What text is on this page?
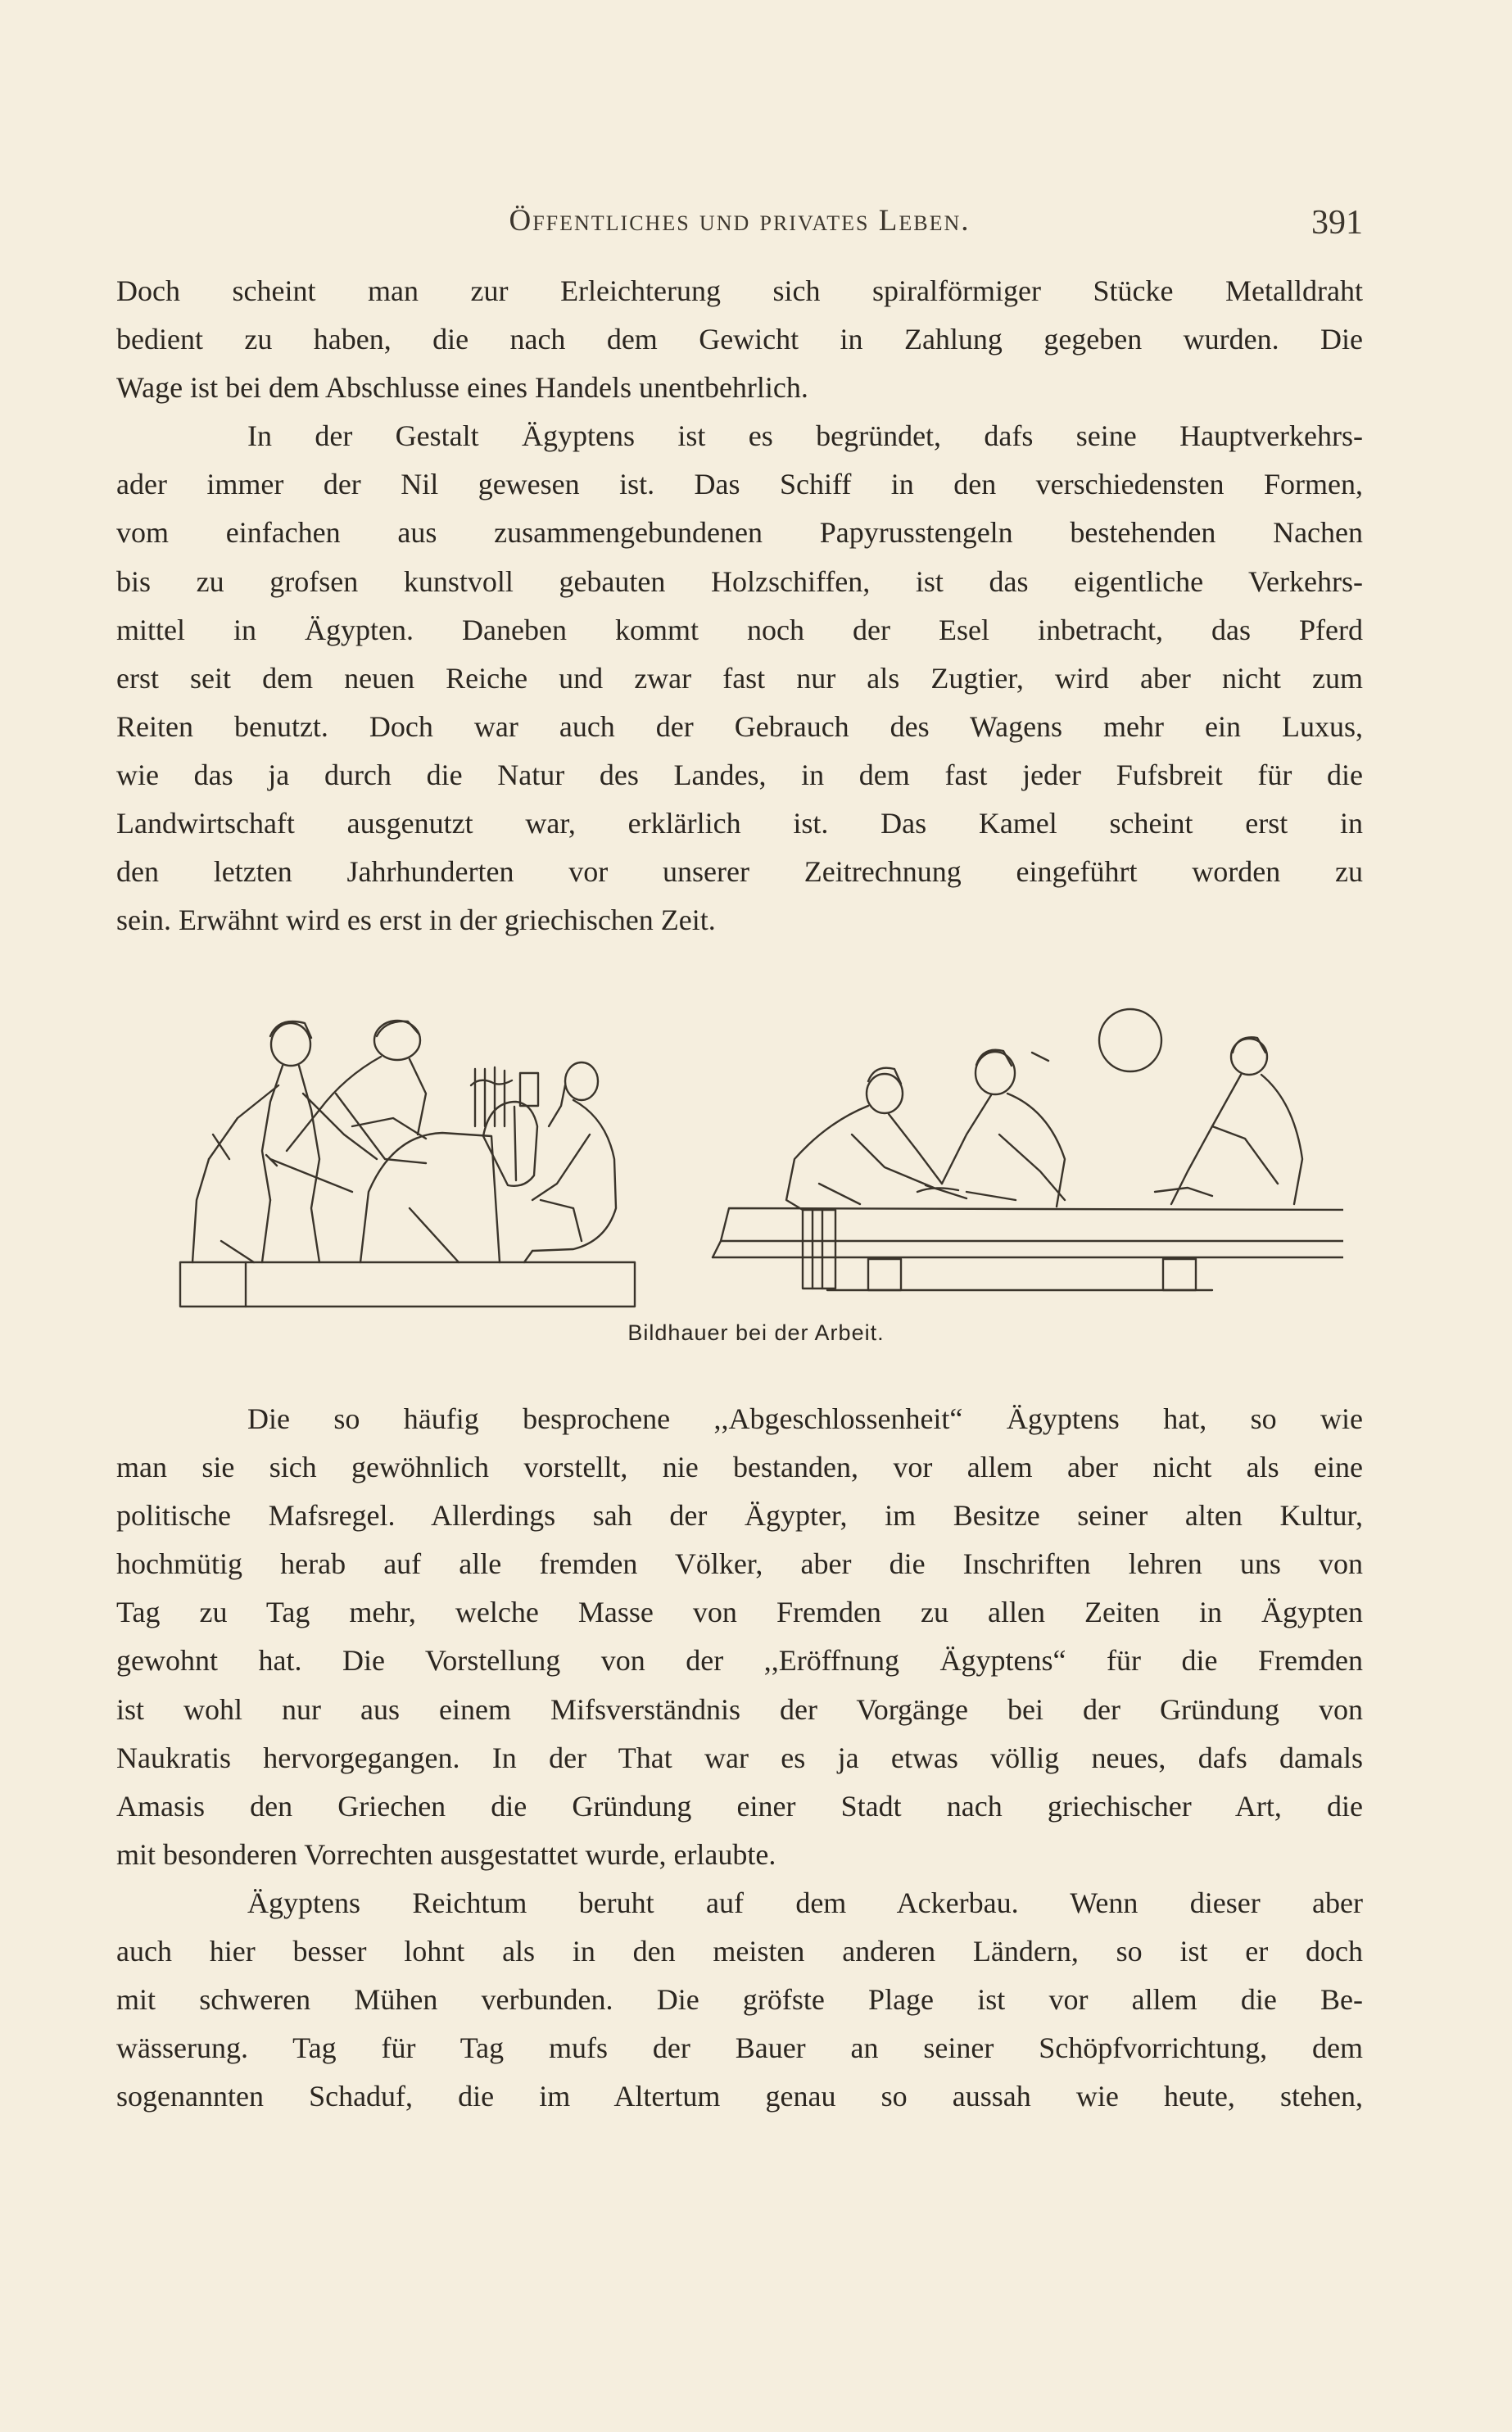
Öffentliches und privates Leben.	391
Doch scheint man zur Erleichterung sich spiralförmiger Stücke Metalldraht
bedient zu haben, die nach dem Gewicht in Zahlung gegeben wurden. Die
Wage ist bei dem Abschlusse eines Handels unentbehrlich.
In der Gestalt Ägyptens ist es begründet, dafs seine Hauptverkehrs-
ader immer der Nil gewesen ist. Das Schiff in den verschiedensten Formen,
vom einfachen aus zusammengebundenen Papyrusstengeln bestehenden Nachen
bis zu grofsen kunstvoll gebauten Holzschiffen, ist das eigentliche Verkehrs-
mittel in Ägypten. Daneben kommt noch der Esel inbetracht, das Pferd
erst seit dem neuen Reiche und zwar fast nur als Zugtier, wird aber nicht zum
Reiten benutzt. Doch war auch der Gebrauch des Wagens mehr ein Luxus,
wie das ja durch die Natur des Landes, in dem fast jeder Fufsbreit für die
Landwirtschaft ausgenutzt war, erklärlich ist. Das Kamel scheint erst in
den letzten Jahrhunderten vor unserer Zeitrechnung eingeführt worden zu
sein. Erwähnt wird es erst in der griechischen Zeit.
Bildhauer bei der Arbeit.
Die so häufig besprochene ,,Abgeschlossenheit“ Ägyptens hat, so wie
man sie sich gewöhnlich vorstellt, nie bestanden, vor allem aber nicht als eine
politische Mafsregel. Allerdings sah der Ägypter, im Besitze seiner alten Kultur,
hochmütig herab auf alle fremden Völker, aber die Inschriften lehren uns von
Tag zu Tag mehr, welche Masse von Fremden zu allen Zeiten in Ägypten
gewohnt hat. Die Vorstellung von der ,,Eröffnung Ägyptens“ für die Fremden
ist wohl nur aus einem Mifsverständnis der Vorgänge bei der Gründung von
Naukratis hervorgegangen. In der That war es ja etwas völlig neues, dafs damals
Amasis den Griechen die Gründung einer Stadt nach griechischer Art, die
mit besonderen Vorrechten ausgestattet wurde, erlaubte.
Ägyptens Reichtum beruht auf dem Ackerbau. Wenn dieser aber
auch hier besser lohnt als in den meisten anderen Ländern, so ist er doch
mit schweren Mühen verbunden. Die gröfste Plage ist vor allem die Be-
wässerung. Tag für Tag mufs der Bauer an seiner Schöpfvorrichtung, dem
sogenannten Schaduf, die im Altertum genau so aussah wie heute, stehen,
